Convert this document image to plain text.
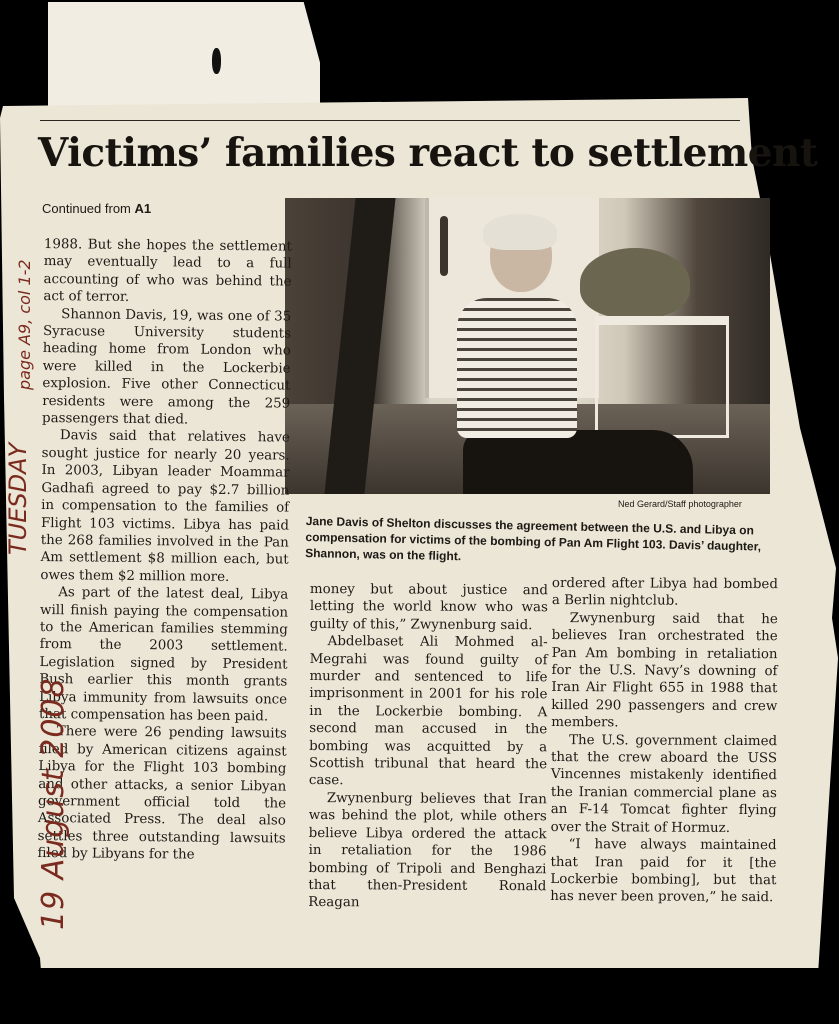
Victims’ families react to settlement
Continued from A1
Ned Gerard/Staff photographer
Jane Davis of Shelton discusses the agreement between the U.S. and Libya on compensation for victims of the bombing of Pan Am Flight 103. Davis’ daughter, Shannon, was on the flight.

1988. But she hopes the settlement may eventually lead to a full accounting of who was behind the act of terror.

Shannon Davis, 19, was one of 35 Syracuse University students heading home from London who were killed in the Lockerbie explosion. Five other Connecticut residents were among the 259 passengers that died.

Davis said that relatives have sought justice for nearly 20 years. In 2003, Libyan leader Moammar Gadhafi agreed to pay $2.7 billion in compensation to the families of Flight 103 victims. Libya has paid the 268 families involved in the Pan Am settlement $8 million each, but owes them $2 million more.

As part of the latest deal, Libya will finish paying the compensation to the American families stemming from the 2003 settlement. Legislation signed by President Bush earlier this month grants Libya immunity from lawsuits once that compensation has been paid.

There were 26 pending lawsuits filed by American citizens against Libya for the Flight 103 bombing and other attacks, a senior Libyan government official told the Associated Press. The deal also settles three outstanding lawsuits filed by Libyans for the

money but about justice and letting the world know who was guilty of this,” Zwynenburg said.

Abdelbaset Ali Mohmed al-Megrahi was found guilty of murder and sentenced to life imprisonment in 2001 for his role in the Lockerbie bombing. A second man accused in the bombing was acquitted by a Scottish tribunal that heard the case.

Zwynenburg believes that Iran was behind the plot, while others believe Libya ordered the attack in retaliation for the 1986 bombing of Tripoli and Benghazi that then-President Ronald Reagan

ordered after Libya had bombed a Berlin nightclub.

Zwynenburg said that he believes Iran orchestrated the Pan Am bombing in retaliation for the U.S. Navy’s downing of Iran Air Flight 655 in 1988 that killed 290 passengers and crew members.

The U.S. government claimed that the crew aboard the USS Vincennes mistakenly identified the Iranian commercial plane as an F-14 Tomcat fighter flying over the Strait of Hormuz.

“I have always maintained that Iran paid for it [the Lockerbie bombing], but that has never been proven,” he said.

19 August 2008
TUESDAY
page A9, col 1-2
